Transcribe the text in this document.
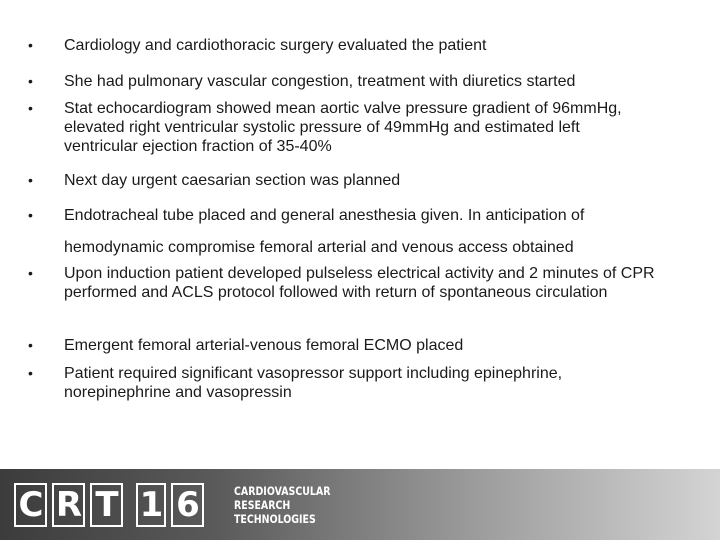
•	Cardiology and cardiothoracic surgery evaluated the patient
•	She had pulmonary vascular congestion, treatment with diuretics started
•	Stat echocardiogram showed mean aortic valve pressure gradient of 96mmHg, elevated right ventricular systolic pressure of 49mmHg and estimated left ventricular ejection fraction of 35-40%
•	Next day urgent caesarian section was planned
•	Endotracheal tube placed and general anesthesia given. In anticipation of
hemodynamic compromise femoral arterial and venous access obtained
•	Upon induction patient developed pulseless electrical activity and 2 minutes of CPR performed and ACLS protocol followed with return of spontaneous circulation
•	Emergent femoral arterial-venous femoral ECMO placed
•	Patient required significant vasopressor support including epinephrine, norepinephrine and vasopressin
C R T 1 6	CARDIOVASCULAR
RESEARCH
TECHNOLOGIES
